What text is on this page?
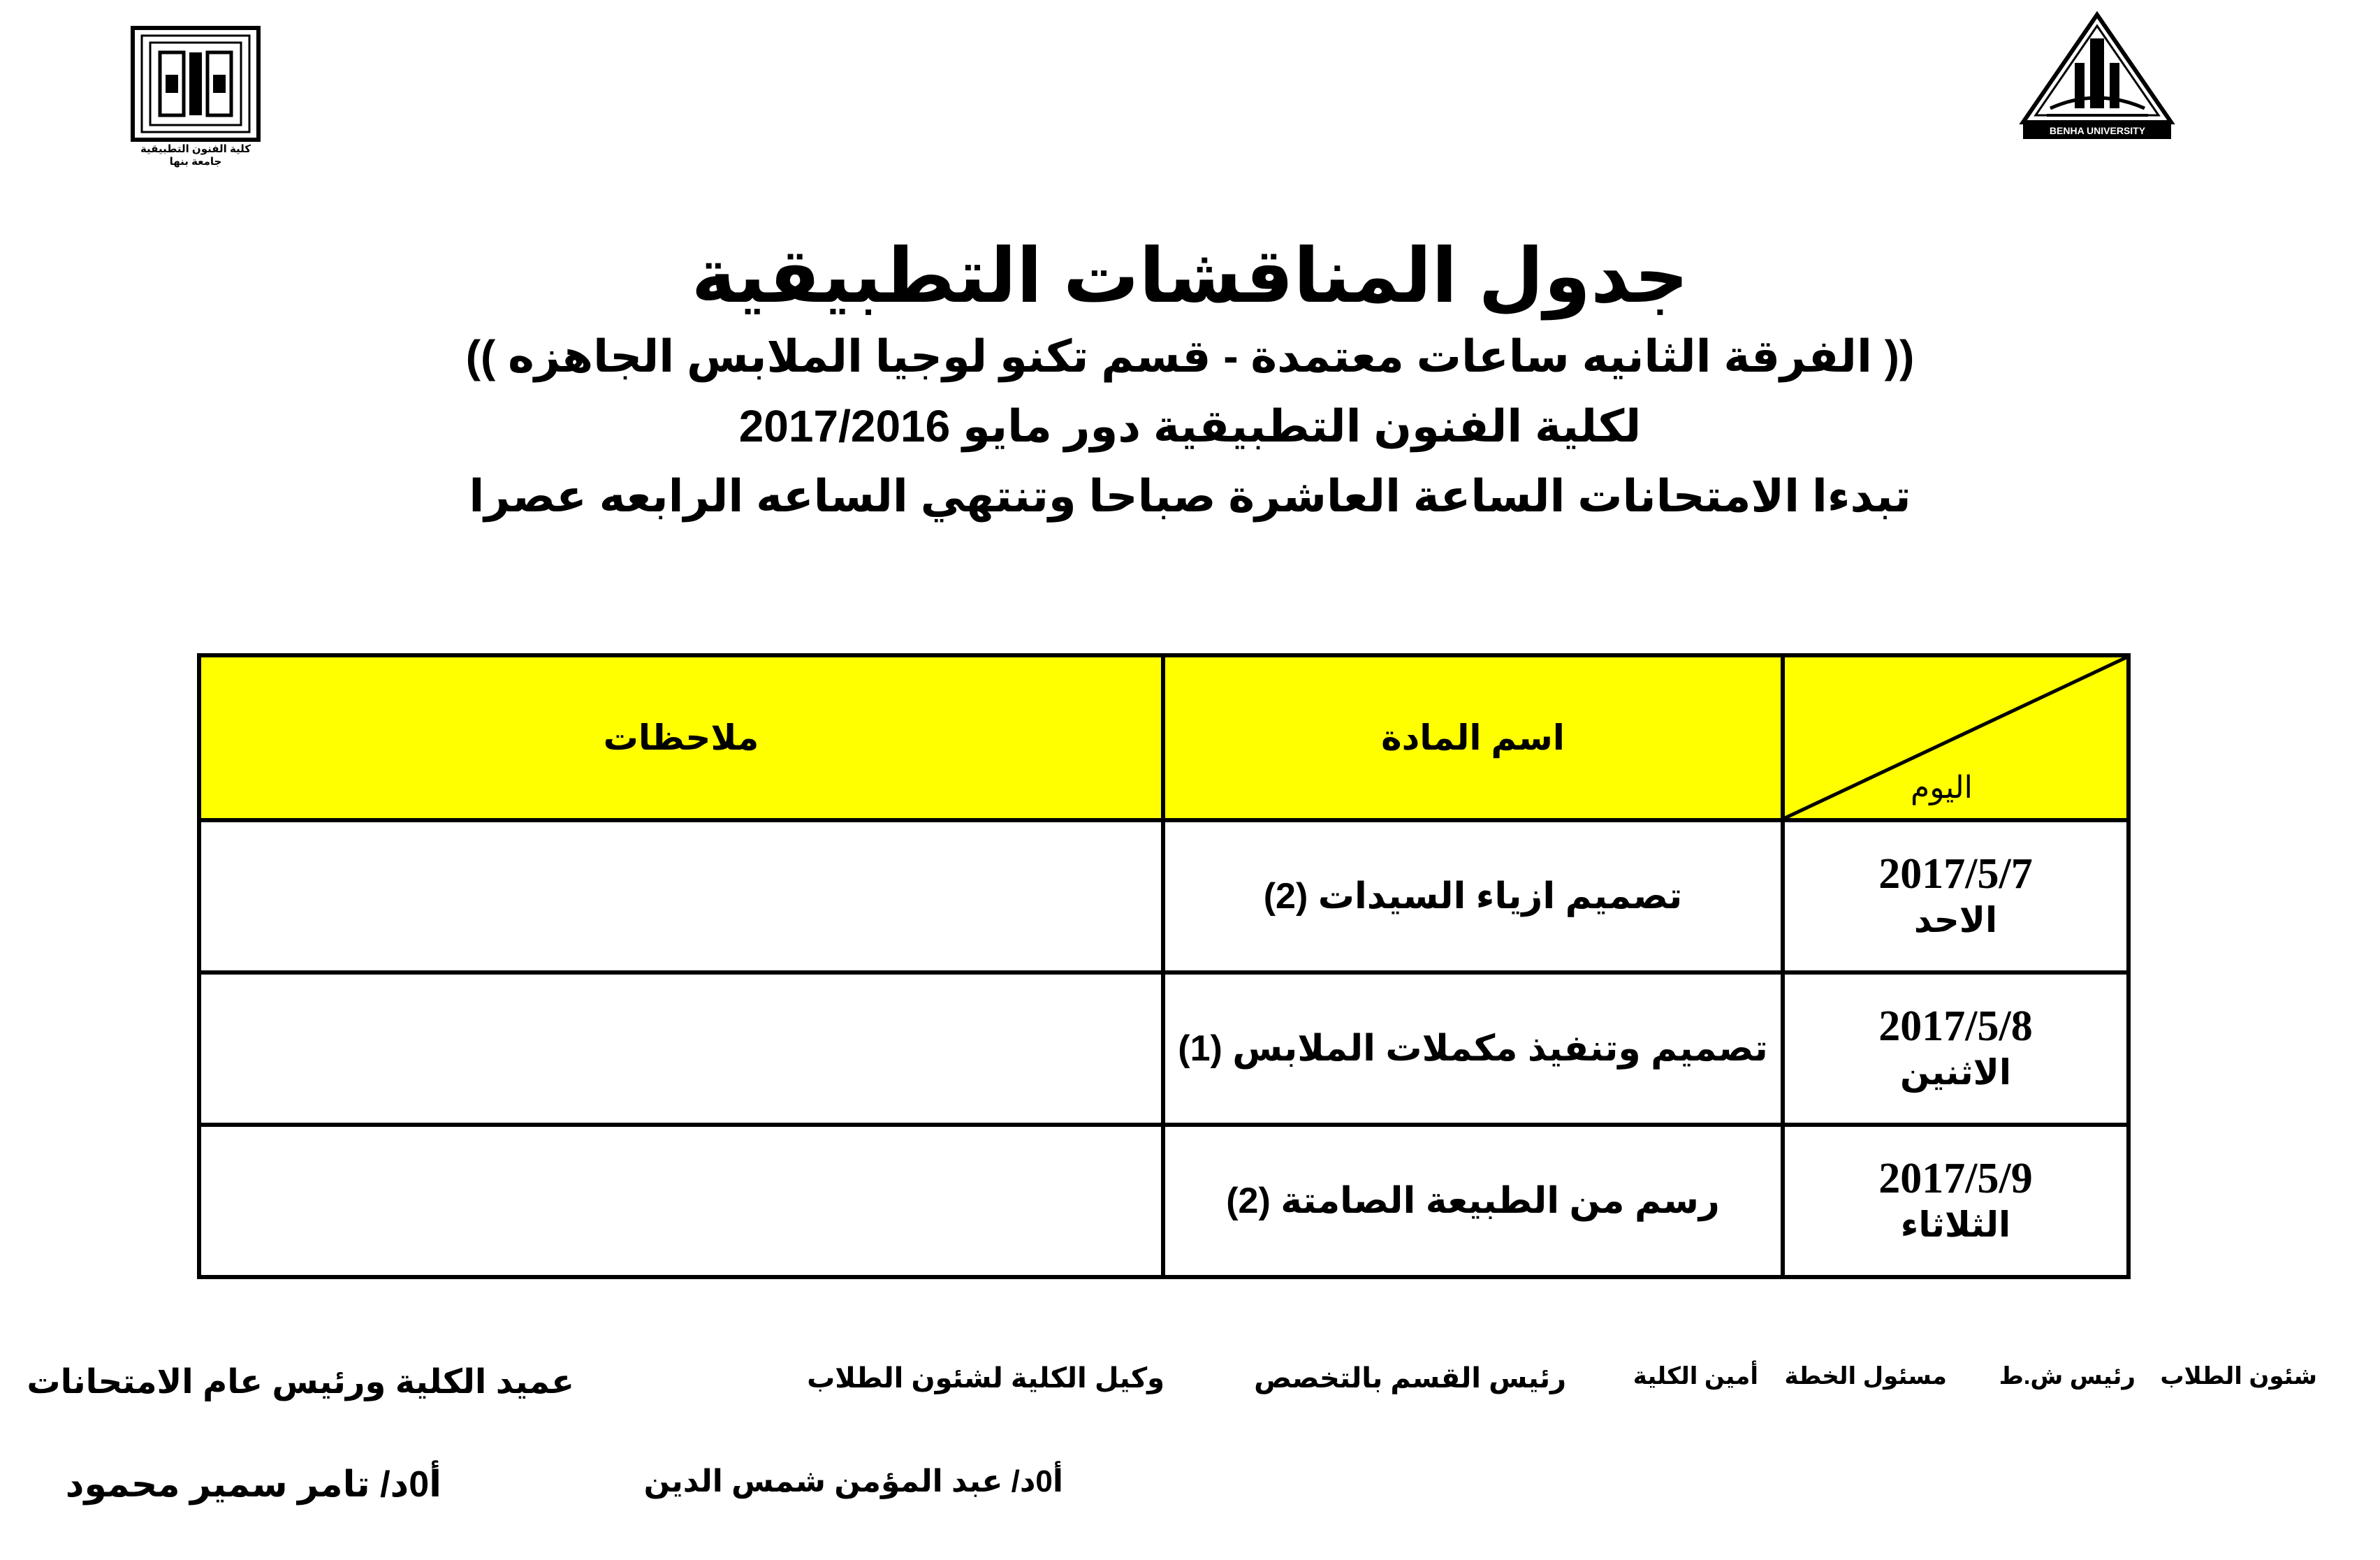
كلية الفنون التطبيقية
جامعة بنها
BENHA UNIVERSITY

جدول المناقشات التطبيقية

(( الفرقة الثانيه ساعات معتمدة - قسم تكنو لوجيا الملابس الجاهزه ))

لكلية الفنون التطبيقية دور مايو 2017/2016

تبدءا الامتحانات الساعة العاشرة صباحا وتنتهي الساعه الرابعه عصرا

اليوم	اسم المادة	ملاحظات

2017/5/7
الاحد	تصميم ازياء السيدات (2)	

2017/5/8
الاثنين	تصميم وتنفيذ مكملات الملابس (1)	

2017/5/9
الثلاثاء	رسم من الطبيعة الصامتة (2)	
شئون الطلاب
رئيس ش.ط
مسئول الخطة
أمين الكلية
رئيس القسم بالتخصص
وكيل الكلية لشئون الطلاب
عميد الكلية ورئيس عام الامتحانات
أ0د/ عبد المؤمن شمس الدين
أ0د/ تامر سمير محمود
